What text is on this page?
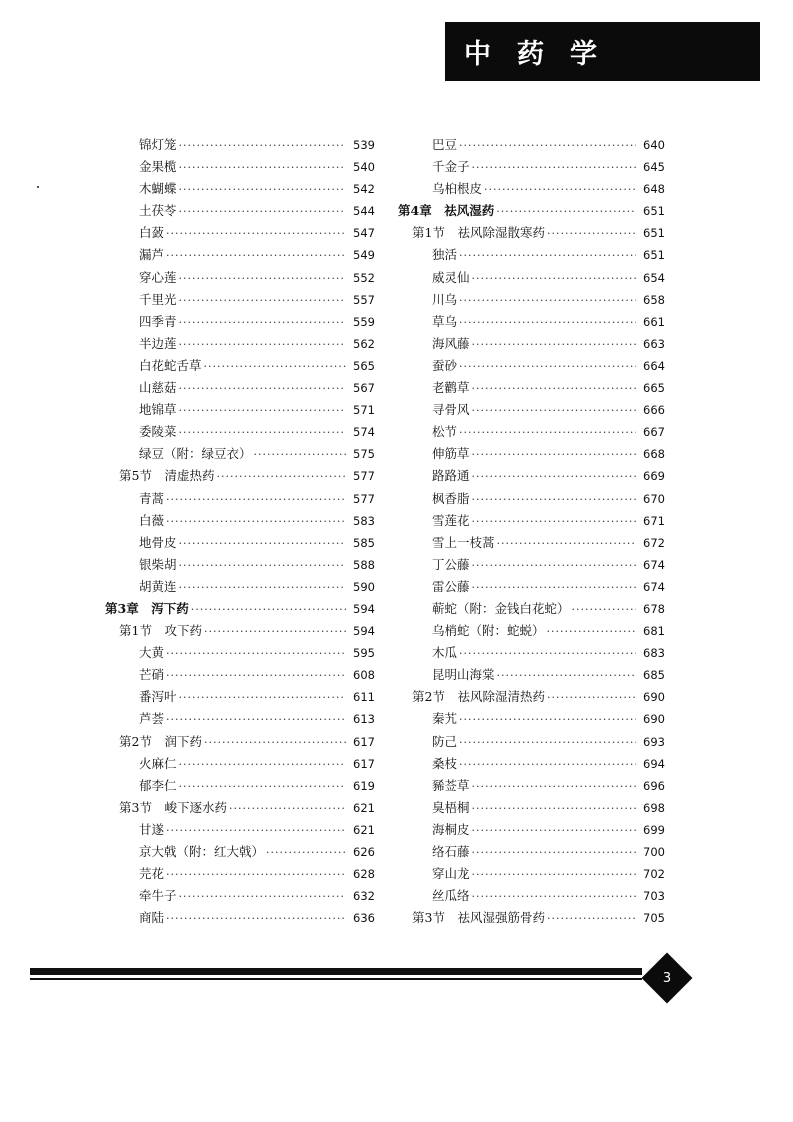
中药学
锦灯笼 ·····	539
金果榄 ·····	540
木蝴蝶 ·····	542
土茯苓 ·····	544
白蔹 ·····	547
漏芦 ·····	549
穿心莲 ·····	552
千里光 ·····	557
四季青 ·····	559
半边莲 ·····	562
白花蛇舌草 ·····	565
山慈菇 ·····	567
地锦草 ·····	571
委陵菜 ·····	574
绿豆（附：绿豆衣） ·····	575
第5节　清虚热药 ·····	577
青蒿 ·····	577
白薇 ·····	583
地骨皮 ·····	585
银柴胡 ·····	588
胡黄连 ·····	590
第3章　泻下药 ·····	594
第1节　攻下药 ·····	594
大黄 ·····	595
芒硝 ·····	608
番泻叶 ·····	611
芦荟 ·····	613
第2节　润下药 ·····	617
火麻仁 ·····	617
郁李仁 ·····	619
第3节　峻下逐水药 ·····	621
甘遂 ·····	621
京大戟（附：红大戟） ·····	626
芫花 ·····	628
牵牛子 ·····	632
商陆 ·····	636
巴豆 ·····	640
千金子 ·····	645
乌桕根皮 ·····	648
第4章　祛风湿药 ·····	651
第1节　祛风除湿散寒药 ·····	651
独活 ·····	651
威灵仙 ·····	654
川乌 ·····	658
草乌 ·····	661
海风藤 ·····	663
蚕砂 ·····	664
老鹳草 ·····	665
寻骨风 ·····	666
松节 ·····	667
伸筋草 ·····	668
路路通 ·····	669
枫香脂 ·····	670
雪莲花 ·····	671
雪上一枝蒿 ·····	672
丁公藤 ·····	674
雷公藤 ·····	674
蕲蛇（附：金钱白花蛇） ·····	678
乌梢蛇（附：蛇蜕） ·····	681
木瓜 ·····	683
昆明山海棠 ·····	685
第2节　祛风除湿清热药 ·····	690
秦艽 ·····	690
防己 ·····	693
桑枝 ·····	694
豨莶草 ·····	696
臭梧桐 ·····	698
海桐皮 ·····	699
络石藤 ·····	700
穿山龙 ·····	702
丝瓜络 ·····	703
第3节　祛风湿强筋骨药 ·····	705
3
